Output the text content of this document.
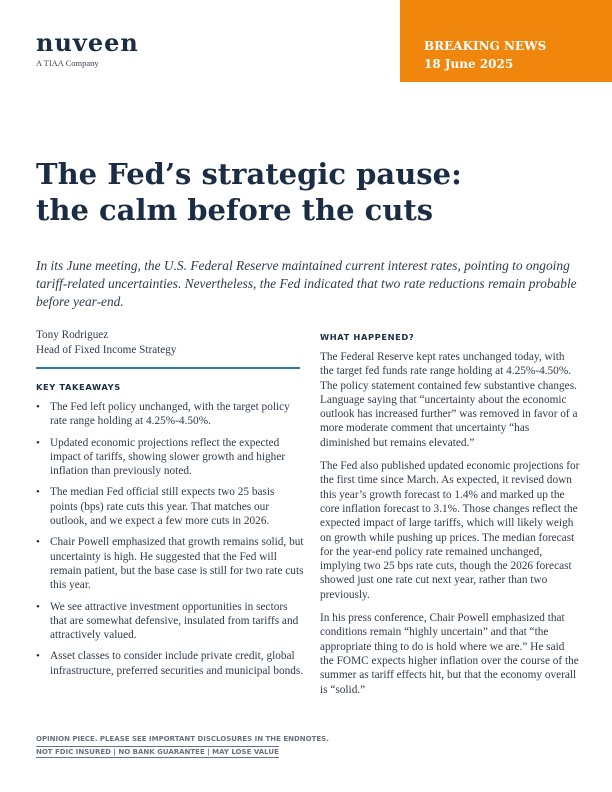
nuveen
A TIAA Company
BREAKING NEWS
18 June 2025
The Fed’s strategic pause:
the calm before the cuts

In its June meeting, the U.S. Federal Reserve maintained current interest rates, pointing to ongoing tariff-related uncertainties. Nevertheless, the Fed indicated that two rate reductions remain probable before year-end.

Tony Rodriguez
Head of Fixed Income Strategy
KEY TAKEAWAYS
• The Fed left policy unchanged, with the target policy rate range holding at 4.25%-4.50%.
• Updated economic projections reflect the expected impact of tariffs, showing slower growth and higher inflation than previously noted.
• The median Fed official still expects two 25 basis points (bps) rate cuts this year. That matches our outlook, and we expect a few more cuts in 2026.
• Chair Powell emphasized that growth remains solid, but uncertainty is high. He suggested that the Fed will remain patient, but the base case is still for two rate cuts this year.
• We see attractive investment opportunities in sectors that are somewhat defensive, insulated from tariffs and attractively valued.
• Asset classes to consider include private credit, global infrastructure, preferred securities and municipal bonds.
WHAT HAPPENED?

The Federal Reserve kept rates unchanged today, with the target fed funds rate range holding at 4.25%-4.50%. The policy statement contained few substantive changes. Language saying that “uncertainty about the economic outlook has increased further” was removed in favor of a more moderate comment that uncertainty “has diminished but remains elevated.”

The Fed also published updated economic projections for the first time since March. As expected, it revised down this year’s growth forecast to 1.4% and marked up the core inflation forecast to 3.1%. Those changes reflect the expected impact of large tariffs, which will likely weigh on growth while pushing up prices. The median forecast for the year-end policy rate remained unchanged, implying two 25 bps rate cuts, though the 2026 forecast showed just one rate cut next year, rather than two previously.

In his press conference, Chair Powell emphasized that conditions remain “highly uncertain” and that “the appropriate thing to do is hold where we are.” He said the FOMC expects higher inflation over the course of the summer as tariff effects hit, but that the economy overall is “solid.”

OPINION PIECE. PLEASE SEE IMPORTANT DISCLOSURES IN THE ENDNOTES.
NOT FDIC INSURED | NO BANK GUARANTEE | MAY LOSE VALUE
